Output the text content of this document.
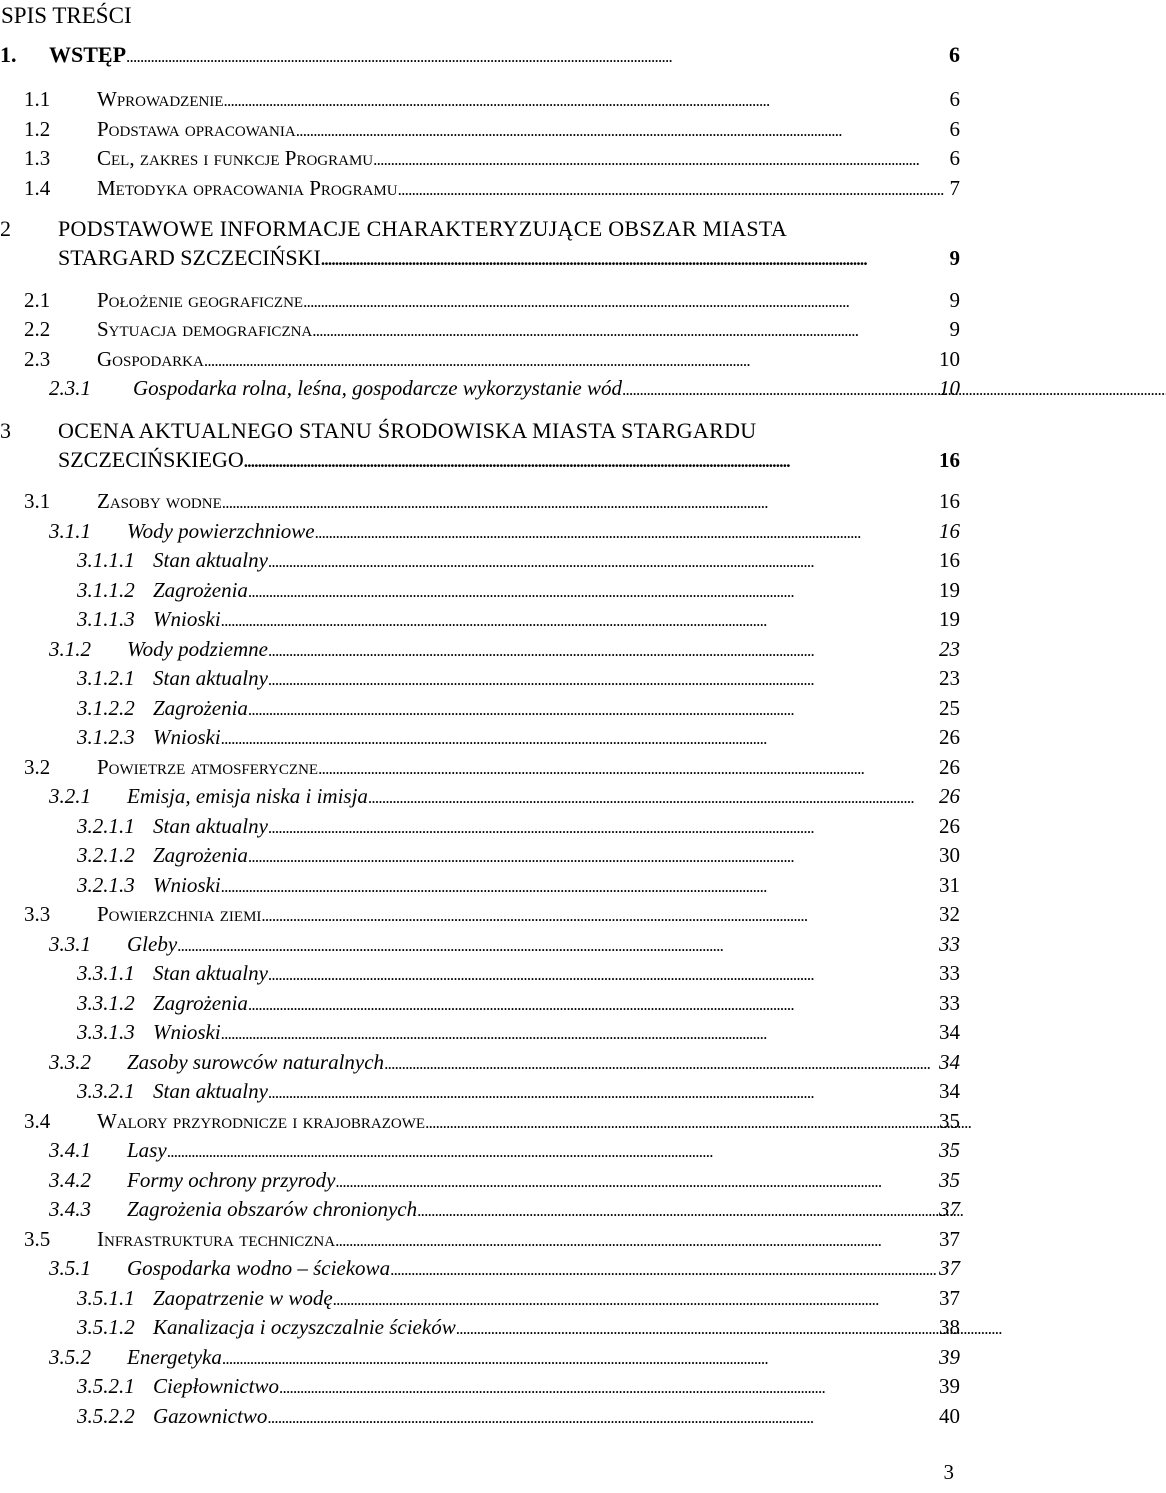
SPIS TREŚCI
1. WSTĘP . . .	6
1.1 Wprowadzenie . . .	6
1.2 Podstawa opracowania . . .	6
1.3 Cel, zakres i funkcje Programu . . .	6
1.4 Metodyka opracowania Programu . . .	7
2 PODSTAWOWE INFORMACJE CHARAKTERYZUJĄCE OBSZAR MIASTA
STARGARD SZCZECIŃSKI . . .	9
2.1 Położenie geograficzne . . .	9
2.2 Sytuacja demograficzna . . .	9
2.3 Gospodarka . . .	10
2.3.1 Gospodarka rolna, leśna, gospodarcze wykorzystanie wód . . .	10
3 OCENA AKTUALNEGO STANU ŚRODOWISKA MIASTA STARGARDU
SZCZECIŃSKIEGO . . .	16
3.1 Zasoby wodne . . .	16
3.1.1 Wody powierzchniowe . . .	16
3.1.1.1 Stan aktualny . . .	16
3.1.1.2 Zagrożenia . . .	19
3.1.1.3 Wnioski . . .	19
3.1.2 Wody podziemne . . .	23
3.1.2.1 Stan aktualny . . .	23
3.1.2.2 Zagrożenia . . .	25
3.1.2.3 Wnioski . . .	26
3.2 Powietrze atmosferyczne . . .	26
3.2.1 Emisja, emisja niska i imisja . . .	26
3.2.1.1 Stan aktualny . . .	26
3.2.1.2 Zagrożenia . . .	30
3.2.1.3 Wnioski . . .	31
3.3 Powierzchnia ziemi . . .	32
3.3.1 Gleby . . .	33
3.3.1.1 Stan aktualny . . .	33
3.3.1.2 Zagrożenia . . .	33
3.3.1.3 Wnioski . . .	34
3.3.2 Zasoby surowców naturalnych . . .	34
3.3.2.1 Stan aktualny . . .	34
3.4 Walory przyrodnicze i krajobrazowe . . .	35
3.4.1 Lasy . . .	35
3.4.2 Formy ochrony przyrody . . .	35
3.4.3 Zagrożenia obszarów chronionych . . .	37
3.5 Infrastruktura techniczna . . .	37
3.5.1 Gospodarka wodno – ściekowa . . .	37
3.5.1.1 Zaopatrzenie w wodę . . .	37
3.5.1.2 Kanalizacja i oczyszczalnie ścieków . . .	38
3.5.2 Energetyka . . .	39
3.5.2.1 Ciepłownictwo . . .	39
3.5.2.2 Gazownictwo . . .	40
3
